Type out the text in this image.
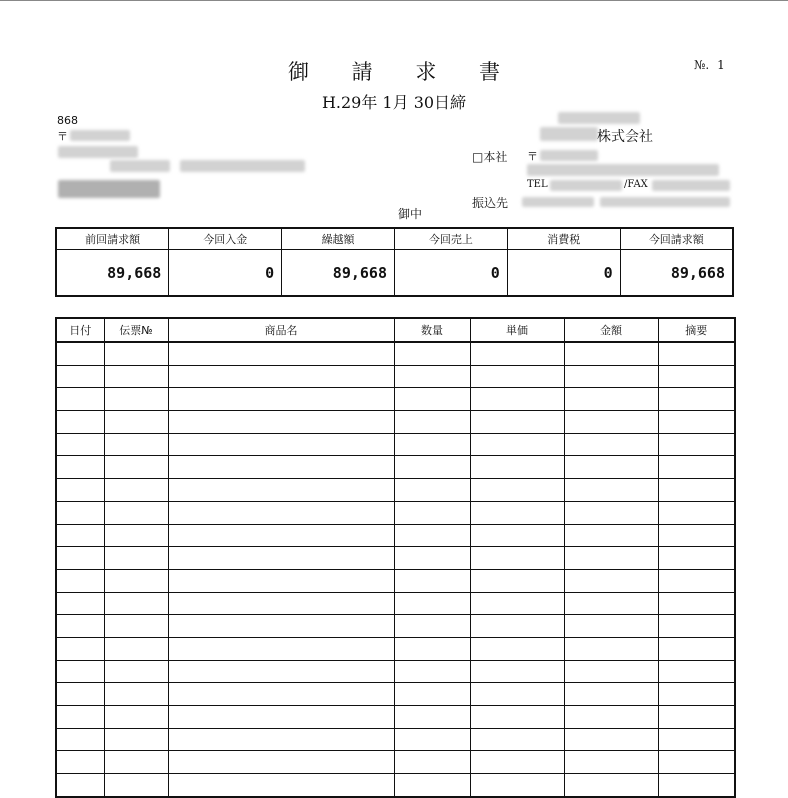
御 請 求 書
H.29年 1月 30日締
№. 1
868
〒
御中
株式会社
□本社 〒
TEL	/FAX
振込先
前回請求額	今回入金	繰越額	今回売上	消費税	今回請求額
89,668	0	89,668	0	0	89,668
日付	伝票№	商品名	数量	単価	金額	摘要
